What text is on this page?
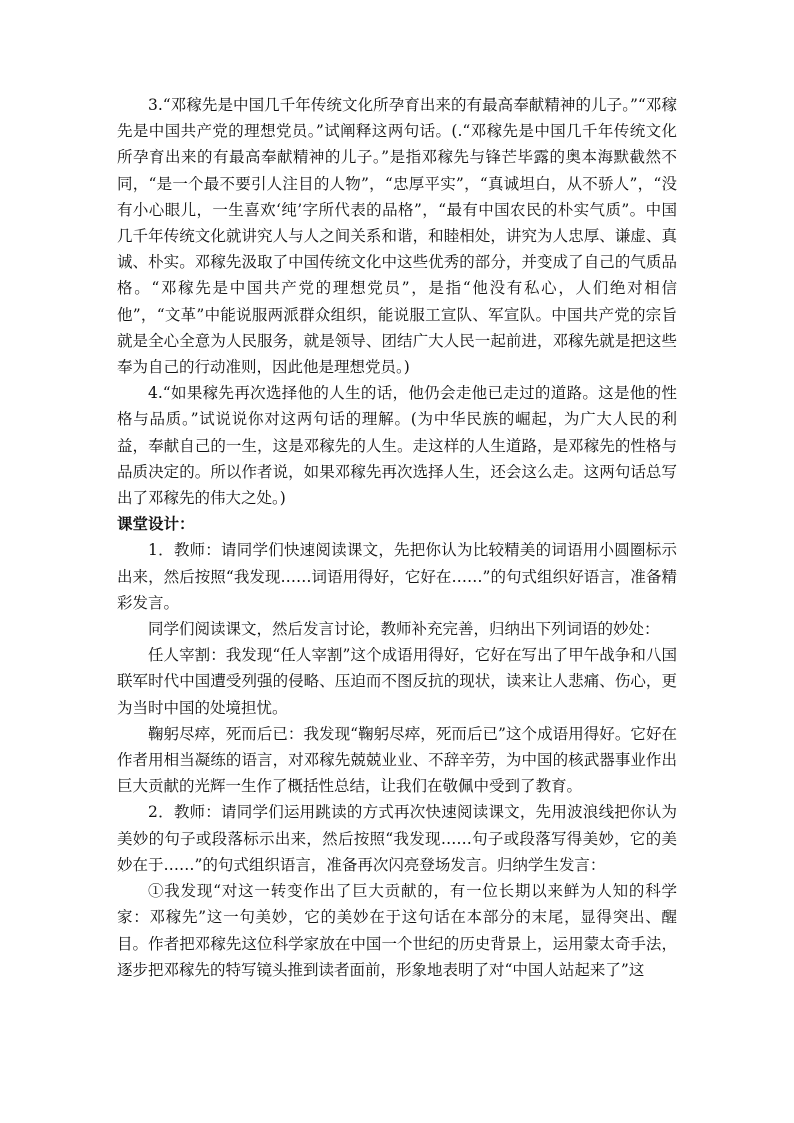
3.“邓稼先是中国几千年传统文化所孕育出来的有最高奉献精神的儿子。”“邓稼先是中国共产党的理想党员。”试阐释这两句话。(.“邓稼先是中国几千年传统文化所孕育出来的有最高奉献精神的儿子。”是指邓稼先与锋芒毕露的奥本海默截然不同，“是一个最不要引人注目的人物”，“忠厚平实”，“真诚坦白，从不骄人”，“没有小心眼儿，一生喜欢‘纯’字所代表的品格”，“最有中国农民的朴实气质”。中国几千年传统文化就讲究人与人之间关系和谐，和睦相处，讲究为人忠厚、谦虚、真诚、朴实。邓稼先汲取了中国传统文化中这些优秀的部分，并变成了自己的气质品格。“邓稼先是中国共产党的理想党员”，是指“他没有私心，人们绝对相信他”，“文革”中能说服两派群众组织，能说服工宣队、军宣队。中国共产党的宗旨就是全心全意为人民服务，就是领导、团结广大人民一起前进，邓稼先就是把这些奉为自己的行动准则，因此他是理想党员。)

4.“如果稼先再次选择他的人生的话，他仍会走他已走过的道路。这是他的性格与品质。”试说说你对这两句话的理解。(为中华民族的崛起，为广大人民的利益，奉献自己的一生，这是邓稼先的人生。走这样的人生道路，是邓稼先的性格与品质决定的。所以作者说，如果邓稼先再次选择人生，还会这么走。这两句话总写出了邓稼先的伟大之处。)

课堂设计：

1．教师：请同学们快速阅读课文，先把你认为比较精美的词语用小圆圈标示出来，然后按照“我发现……词语用得好，它好在……”的句式组织好语言，准备精彩发言。

同学们阅读课文，然后发言讨论，教师补充完善，归纳出下列词语的妙处：

任人宰割：我发现“任人宰割”这个成语用得好，它好在写出了甲午战争和八国联军时代中国遭受列强的侵略、压迫而不图反抗的现状，读来让人悲痛、伤心，更为当时中国的处境担忧。

鞠躬尽瘁，死而后已：我发现“鞠躬尽瘁，死而后已”这个成语用得好。它好在作者用相当凝练的语言，对邓稼先兢兢业业、不辞辛劳，为中国的核武器事业作出巨大贡献的光辉一生作了概括性总结，让我们在敬佩中受到了教育。

2．教师：请同学们运用跳读的方式再次快速阅读课文，先用波浪线把你认为美妙的句子或段落标示出来，然后按照“我发现……句子或段落写得美妙，它的美妙在于……”的句式组织语言，准备再次闪亮登场发言。归纳学生发言：

①我发现“对这一转变作出了巨大贡献的，有一位长期以来鲜为人知的科学家：邓稼先”这一句美妙，它的美妙在于这句话在本部分的末尾，显得突出、醒目。作者把邓稼先这位科学家放在中国一个世纪的历史背景上，运用蒙太奇手法，逐步把邓稼先的特写镜头推到读者面前，形象地表明了对“中国人站起来了”这
